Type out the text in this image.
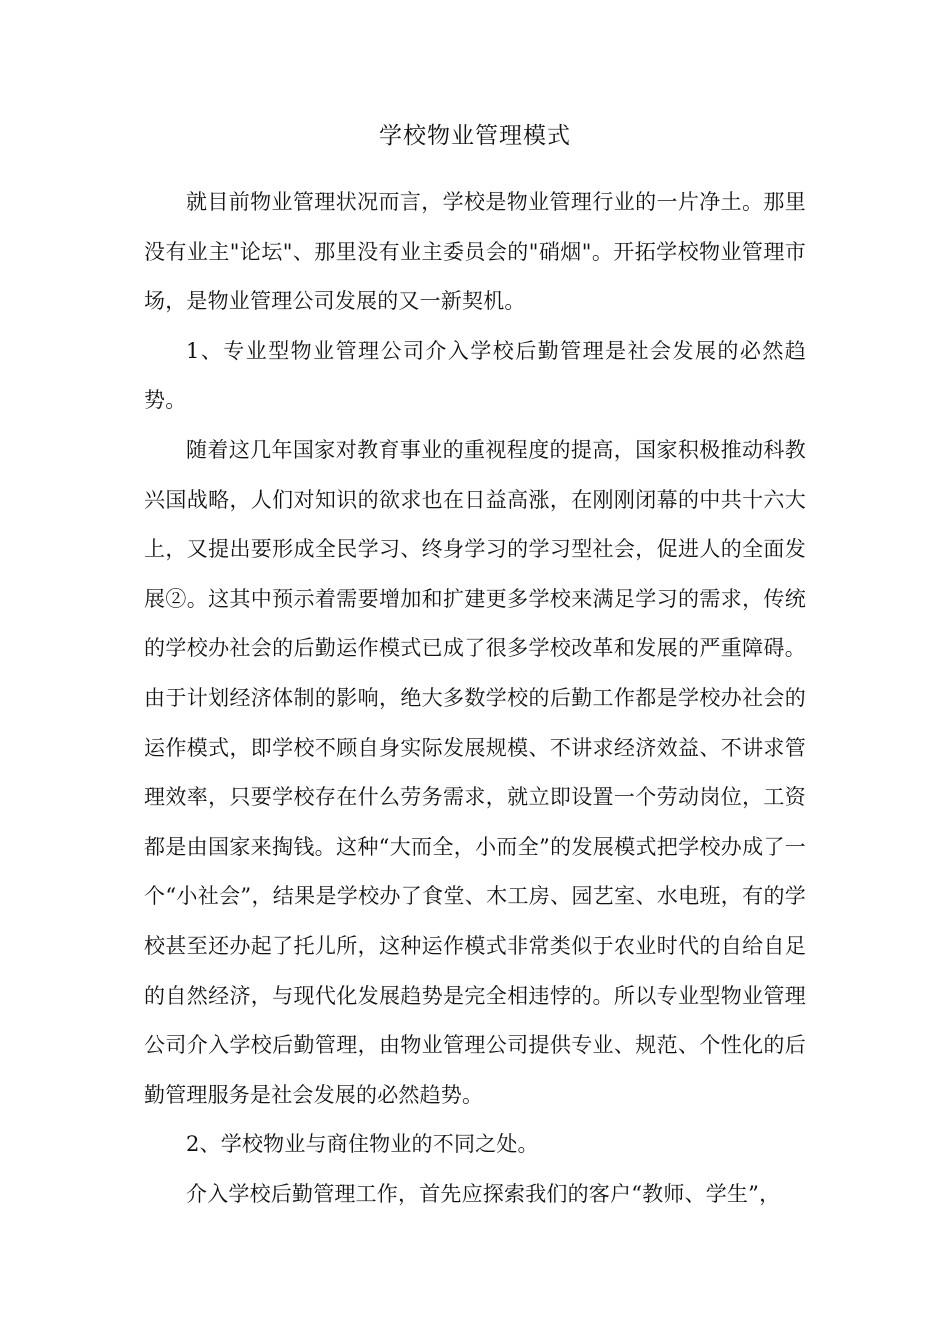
学校物业管理模式

就目前物业管理状况而言，学校是物业管理行业的一片净土。那里没有业主"论坛"、那里没有业主委员会的"硝烟"。开拓学校物业管理市场，是物业管理公司发展的又一新契机。

1、专业型物业管理公司介入学校后勤管理是社会发展的必然趋势。

随着这几年国家对教育事业的重视程度的提高，国家积极推动科教兴国战略，人们对知识的欲求也在日益高涨，在刚刚闭幕的中共十六大上，又提出要形成全民学习、终身学习的学习型社会，促进人的全面发展②。这其中预示着需要增加和扩建更多学校来满足学习的需求，传统的学校办社会的后勤运作模式已成了很多学校改革和发展的严重障碍。由于计划经济体制的影响，绝大多数学校的后勤工作都是学校办社会的运作模式，即学校不顾自身实际发展规模、不讲求经济效益、不讲求管理效率，只要学校存在什么劳务需求，就立即设置一个劳动岗位，工资都是由国家来掏钱。这种“大而全，小而全”的发展模式把学校办成了一个“小社会”，结果是学校办了食堂、木工房、园艺室、水电班，有的学校甚至还办起了托儿所，这种运作模式非常类似于农业时代的自给自足的自然经济，与现代化发展趋势是完全相违悖的。所以专业型物业管理公司介入学校后勤管理，由物业管理公司提供专业、规范、个性化的后勤管理服务是社会发展的必然趋势。

2、学校物业与商住物业的不同之处。

介入学校后勤管理工作，首先应探索我们的客户“教师、学生”，
